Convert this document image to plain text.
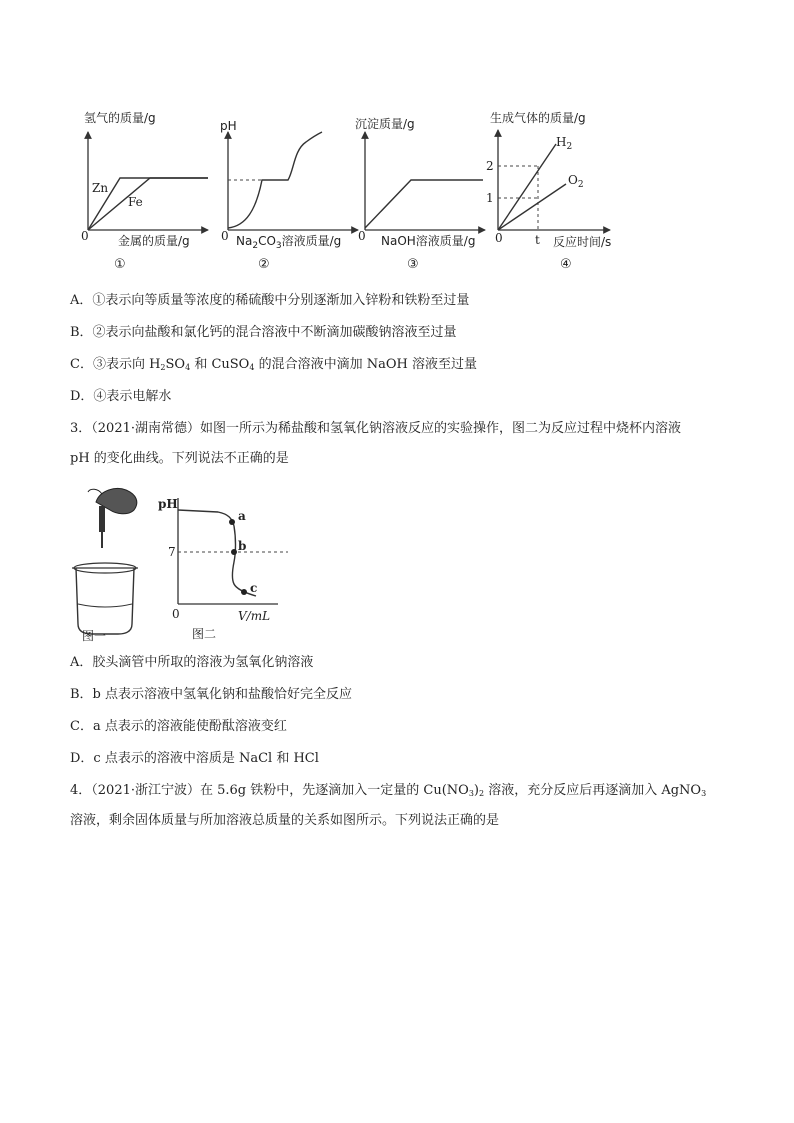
氢气的质量/g
Zn
Fe
0 金属的质量/g
①
pH
0 $Na_2CO_3$溶液质量/g
②
沉淀质量/g
0 NaOH溶液质量/g
③
生成气体的质量/g
$H_2$
$O_2$
2
1
0	t 反应时间/s
④
A．①表示向等质量等浓度的稀硫酸中分别逐渐加入锌粉和铁粉至过量
B．②表示向盐酸和氯化钙的混合溶液中不断滴加碳酸钠溶液至过量
C．③表示向 $H_2SO_4$ 和 CuSO$_4$ 的混合溶液中滴加 NaOH 溶液至过量
D．④表示电解水
3．（2021·湖南常德）如图一所示为稀盐酸和氢氧化钠溶液反应的实验操作，图二为反应过程中烧杯内溶液
pH 的变化曲线。下列说法不正确的是
图一
a
b
c
pH
7
0	V/mL
图二
A．胶头滴管中所取的溶液为氢氧化钠溶液
B．b 点表示溶液中氢氧化钠和盐酸恰好完全反应
C．a 点表示的溶液能使酚酞溶液变红
D．c 点表示的溶液中溶质是 NaCl 和 HCl
4．（2021·浙江宁波）在 5.6g 铁粉中，先逐滴加入一定量的 $Cu(NO_3)_2$ 溶液，充分反应后再逐滴加入 AgNO$_3$
溶液，剩余固体质量与所加溶液总质量的关系如图所示。下列说法正确的是
